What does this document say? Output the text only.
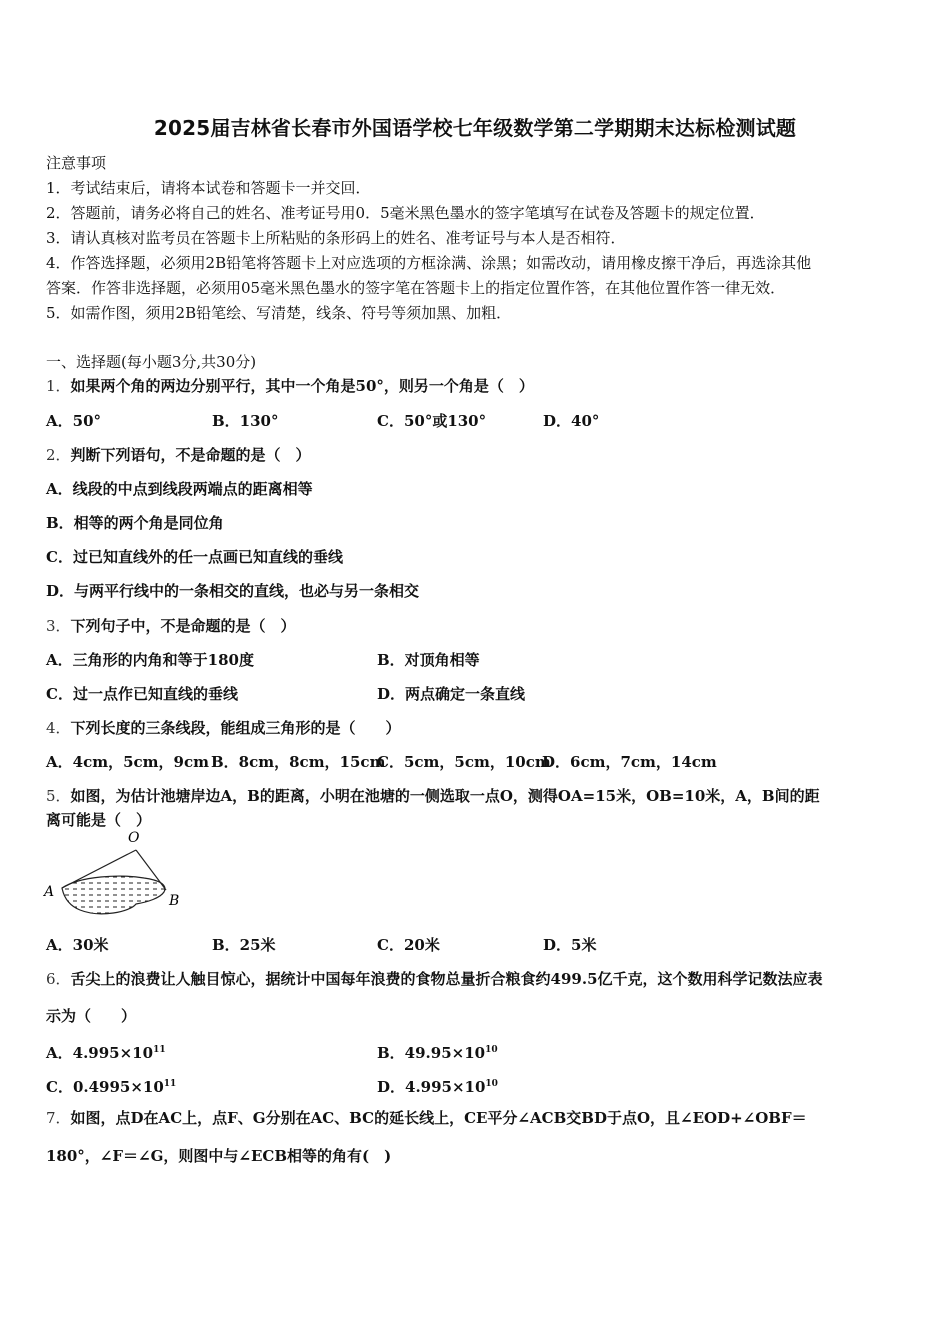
2025届吉林省长春市外国语学校七年级数学第二学期期末达标检测试题
注意事项
1．考试结束后，请将本试卷和答题卡一并交回．
2．答题前，请务必将自己的姓名、准考证号用0．5毫米黑色墨水的签字笔填写在试卷及答题卡的规定位置．
3．请认真核对监考员在答题卡上所粘贴的条形码上的姓名、准考证号与本人是否相符．
4．作答选择题，必须用2B铅笔将答题卡上对应选项的方框涂满、涂黑；如需改动，请用橡皮擦干净后，再选涂其他
答案．作答非选择题，必须用05毫米黑色墨水的签字笔在答题卡上的指定位置作答，在其他位置作答一律无效．
5．如需作图，须用2B铅笔绘、写清楚，线条、符号等须加黑、加粗．
一、选择题(每小题3分,共30分)
1．如果两个角的两边分别平行，其中一个角是50°，则另一个角是（　）
A．50°	B．130°	C．50°或130°	D．40°
2．判断下列语句，不是命题的是（　）
A．线段的中点到线段两端点的距离相等
B．相等的两个角是同位角
C．过已知直线外的任一点画已知直线的垂线
D．与两平行线中的一条相交的直线，也必与另一条相交
3．下列句子中，不是命题的是（　）
A．三角形的内角和等于180度	B．对顶角相等
C．过一点作已知直线的垂线	D．两点确定一条直线
4．下列长度的三条线段，能组成三角形的是（　　）
A．4cm，5cm，9cm B．8cm，8cm，15cm
C．5cm，5cm，10cm
D．6cm，7cm，14cm
5．如图，为估计池塘岸边A，B的距离，小明在池塘的一侧选取一点O，测得OA=15米，OB=10米，A，B间的距
离可能是（　）
O
A
B
A．30米	B．25米	C．20米	D．5米
6．舌尖上的浪费让人触目惊心，据统计中国每年浪费的食物总量折合粮食约499.5亿千克，这个数用科学记数法应表
示为（　　）
A．$4.995\times 10^{11}$	B．$49.95\times 10^{10}$
C．$0.4995\times 10^{11}$	D．$4.995\times 10^{10}$
7．如图，点D在AC上，点F、G分别在AC、BC的延长线上，CE平分∠ACB交BD于点O，且∠EOD+∠OBF＝
180°，∠F＝∠G，则图中与∠ECB相等的角有(　)
